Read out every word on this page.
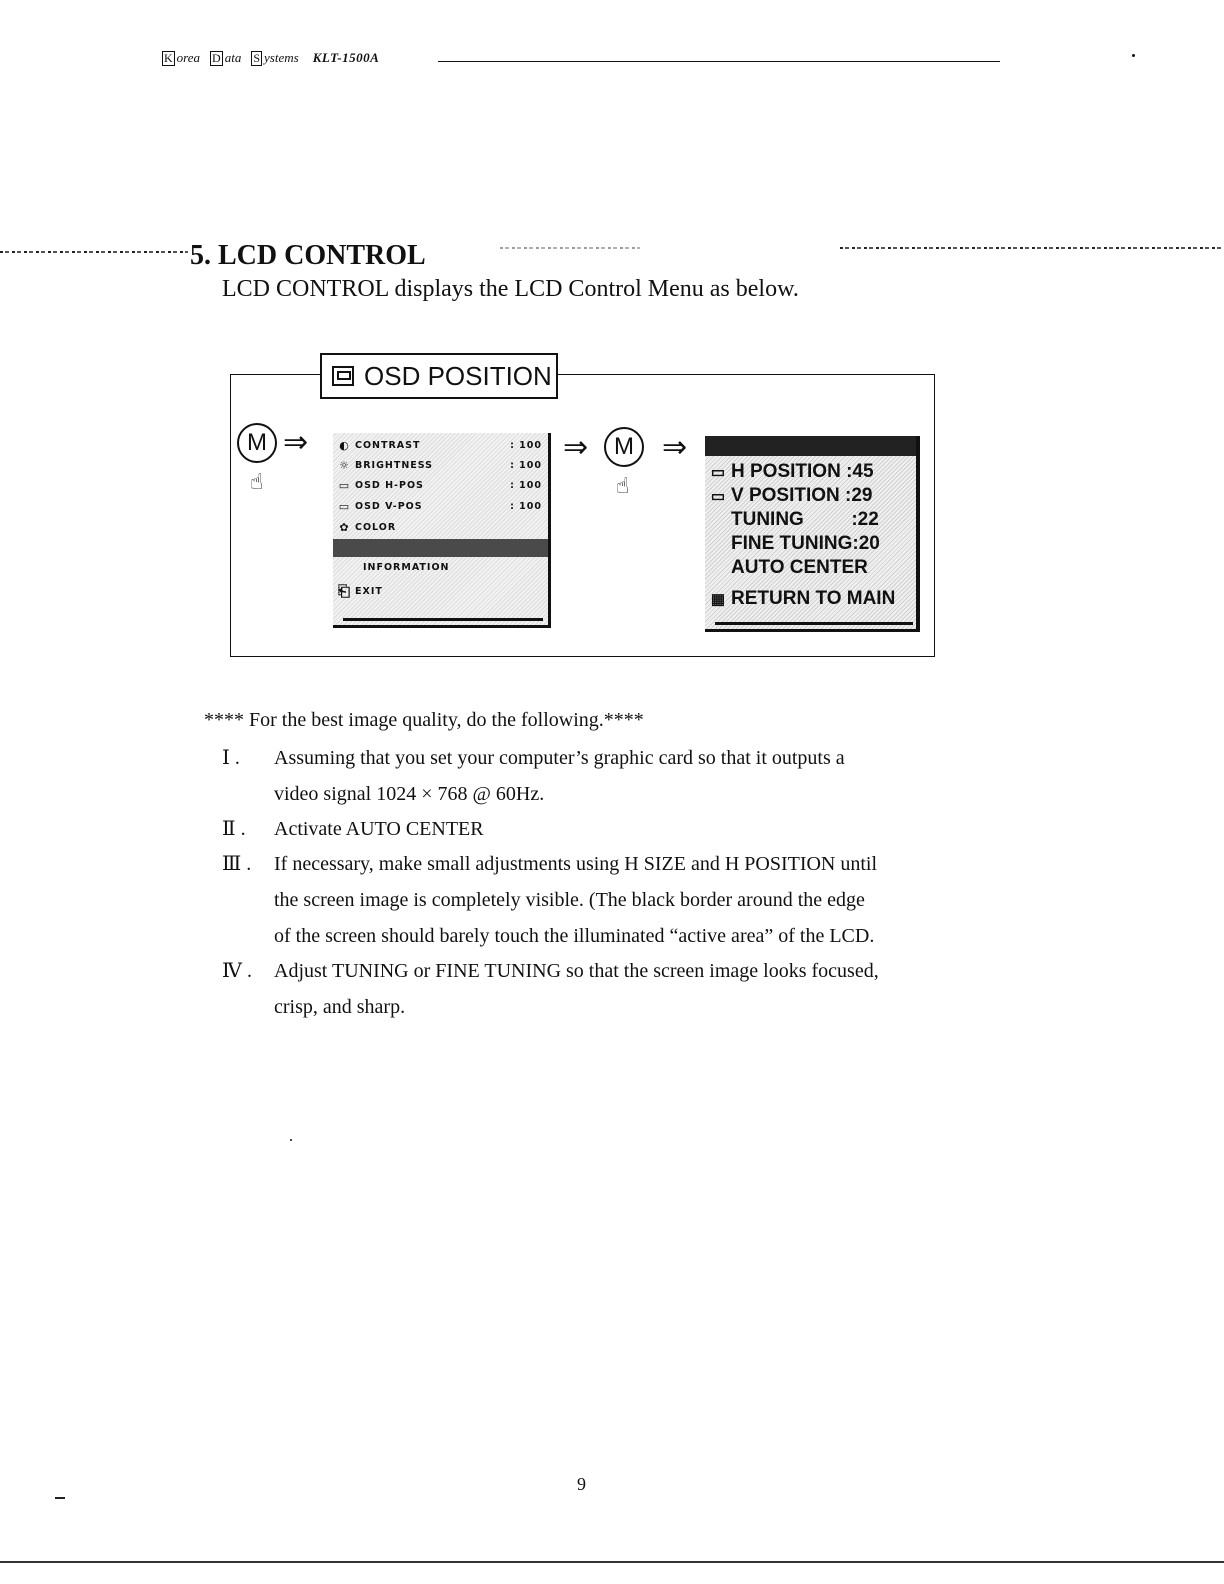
K orea D ata S ystems KLT-1500A
5. LCD CONTROL
LCD CONTROL displays the LCD Control Menu as below.
OSD POSITION
M ⇒
☝
◐ CONTRAST	: 100
☼ BRIGHTNESS	: 100
▭ OSD H-POS	: 100
▭ OSD V-POS	: 100
✿ COLOR
INFORMATION
⎗ EXIT
⇒ M ⇒
☝
▭ H POSITION :45
▭ V POSITION :29
TUNING         :22
FINE TUNING:20
AUTO CENTER
▦ RETURN TO MAIN
**** For the best image quality, do the following.****
Ⅰ .	Assuming that you set your computer’s graphic card so that it outputs a
video signal 1024 × 768 @ 60Hz.
Ⅱ .	Activate AUTO CENTER
Ⅲ .	If necessary, make small adjustments using H SIZE and H POSITION until
the screen image is completely visible. (The black border around the edge
of the screen should barely touch the illuminated “active area” of the LCD.
Ⅳ .	Adjust TUNING or FINE TUNING so that the screen image looks focused,
crisp, and sharp.
9
